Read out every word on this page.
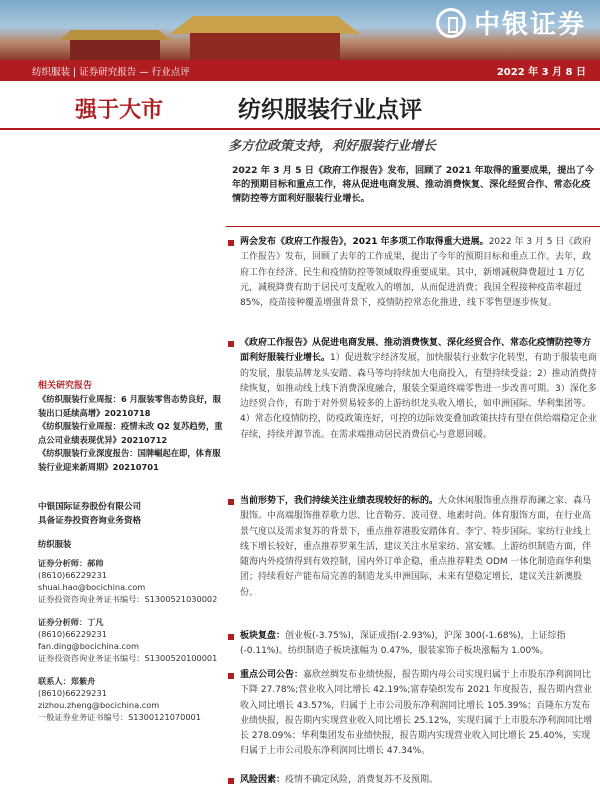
中银证券
纺织服装 | 证券研究报告 — 行业点评	2022 年 3 月 8 日
强于大市
相关研究报告
《纺织服装行业周报：6 月服装零售态势良好，服装出口延续高增》20210718
《纺织服装行业周报：疫情未改 Q2 复苏趋势，重点公司业绩表现优异》20210712
《纺织服装行业深度报告：国牌崛起在即，体育服装行业迎来新周期》20210701
中银国际证券股份有限公司
具备证券投资咨询业务资格
纺织服装
证券分析师：郝帅
(8610)66229231
shuai.hao@bocichina.com
证券投资咨询业务证书编号：S1300521030002
证券分析师：丁凡
(8610)66229231
fan.ding@bocichina.com
证券投资咨询业务证书编号：S1300520100001
联系人：郑紫舟
(8610)66229231
zizhou.zheng@bocichina.com
一般证券业务证书编号：S1300121070001
纺织服装行业点评
多方位政策支持，利好服装行业增长
2022 年 3 月 5 日《政府工作报告》发布，回顾了 2021 年取得的重要成果，提出了今年的预期目标和重点工作，将从促进电商发展、推动消费恢复、深化经贸合作、常态化疫情防控等方面利好服装行业增长。
两会发布《政府工作报告》，2021 年多项工作取得重大进展。2022 年 3 月 5 日《政府工作报告》发布，回顾了去年的工作成果，提出了今年的预期目标和重点工作。去年，政府工作在经济、民生和疫情防控等领域取得重要成果。其中，新增减税降费超过 1 万亿元，减税降费有助于居民可支配收入的增加，从而促进消费；我国全程接种疫苗率超过 85%，疫苗接种覆盖增强背景下，疫情防控常态化推进，线下零售望逐步恢复。
《政府工作报告》从促进电商发展、推动消费恢复、深化经贸合作、常态化疫情防控等方面利好服装行业增长。1）促进数字经济发展，加快服装行业数字化转型，有助于服装电商的发展，服装品牌龙头安踏、森马等均持续加大电商投入，有望持续受益；2）推动消费持续恢复，如推动线上线下消费深度融合，服装全渠道终端零售进一步改善可期。3）深化多边经贸合作，有助于对外贸易较多的上游纺织龙头收入增长，如申洲国际、华利集团等。4）常态化疫情防控，防疫政策连好，可控的边际效变叠加政策扶持有望在供给端稳定企业存续，持续并源节流。在需求端推动居民消费信心与意愿回暖。
当前形势下，我们持续关注业绩表现较好的标的。大众休闲服饰重点推荐海澜之家、森马服饰。中高端服饰推荐歌力思、比音勒芬、波司登、地素时尚。体育服饰方面，在行业高景气度以及需求复苏的背景下，重点推荐港股安踏体育、李宁、特步国际。家纺行业线上线下增长较好，重点推荐罗莱生活，建议关注水星家纺、富安娜。上游纺织制造方面，伴随海内外疫情得到有效控制，国内外订单企稳，重点推荐鞋类 ODM 一体化制造商华利集团；持续看好产能布局完善的制造龙头申洲国际，未来有望稳定增长，建议关注新澳股份。
板块复盘：创业板(-3.75%)，深证成指(-2.93%)，沪深 300(-1.68%)，上证综指(-0.11%)。纺织制造子板块涨幅为 0.47%，服装家饰子板块涨幅为 1.00%。
重点公司公告：嘉欣丝绸发布业绩快报，报告期内母公司实现归属于上市股东净利润同比下降 27.78%;营业收入同比增长 42.19%;富春染织发布 2021 年度报告，报告期内营业收入同比增长 43.57%，归属于上市公司股东净利润同比增长 105.39%；百隆东方发布业绩快报，报告期内实现营业收入同比增长 25.12%，实现归属于上市股东净利润同比增长 278.09%；华利集团发布业绩快报，报告期内实现营业收入同比增长 25.40%，实现归属于上市公司股东净利润同比增长 47.34%。
风险因素：疫情不确定风险，消费复苏不及预期。
